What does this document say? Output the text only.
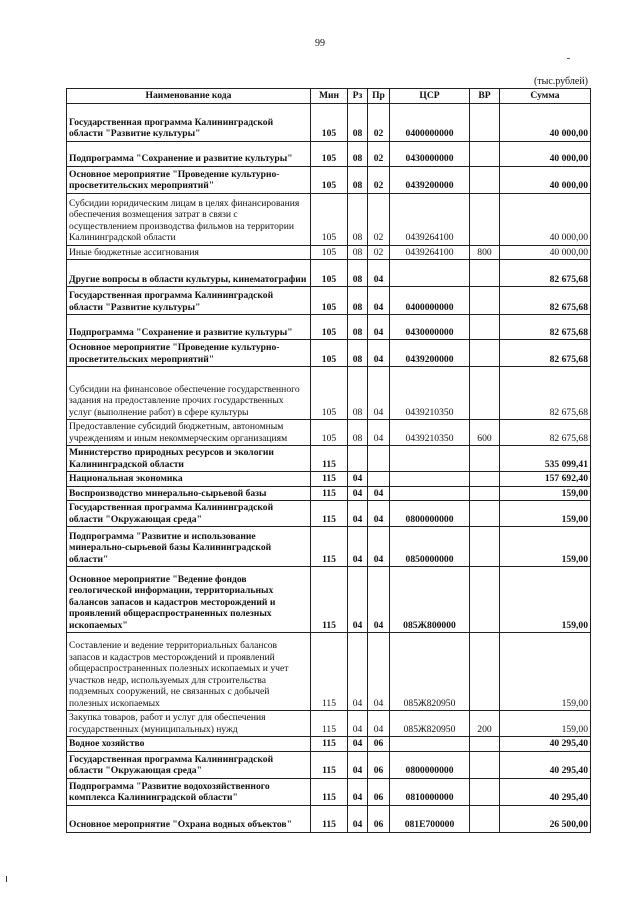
99
(тыс.рублей)
Наименование кода	Мин	Рз	Пр	ЦСР	ВР	Сумма
Государственная программа Калининградской области "Развитие культуры"	105	08	02	0400000000		40 000,00
Подпрограмма "Сохранение и развитие культуры"	105	08	02	0430000000		40 000,00
Основное мероприятие "Проведение культурно-просветительских мероприятий"	105	08	02	0439200000		40 000,00
Субсидии юридическим лицам в целях финансирования обеспечения возмещения затрат в связи с осуществлением производства фильмов на территории Калининградской области	105	08	02	0439264100		40 000,00
Иные бюджетные ассигнования	105	08	02	0439264100	800	40 000,00
Другие вопросы в области культуры, кинематографии	105	08	04			82 675,68
Государственная программа Калининградской области "Развитие культуры"	105	08	04	0400000000		82 675,68
Подпрограмма "Сохранение и развитие культуры"	105	08	04	0430000000		82 675,68
Основное мероприятие "Проведение культурно-просветительских мероприятий"	105	08	04	0439200000		82 675,68
Субсидии на финансовое обеспечение государственного задания на предоставление прочих государственных услуг (выполнение работ) в сфере культуры	105	08	04	0439210350		82 675,68
Предоставление субсидий бюджетным, автономным учреждениям и иным некоммерческим организациям	105	08	04	0439210350	600	82 675,68
Министерство природных ресурсов и экологии Калининградской области	115					535 099,41
Национальная экономика	115	04				157 692,40
Воспроизводство минерально-сырьевой базы	115	04	04			159,00
Государственная программа Калининградской области "Окружающая среда"	115	04	04	0800000000		159,00
Подпрограмма "Развитие и использование минерально-сырьевой базы Калининградской области"	115	04	04	0850000000		159,00
Основное мероприятие "Ведение фондов геологической информации, территориальных балансов запасов и кадастров месторождений и проявлений общераспространенных полезных ископаемых"	115	04	04	085Ж800000		159,00
Составление и ведение территориальных балансов запасов и кадастров месторождений и проявлений общераспространенных полезных ископаемых и учет участков недр, используемых для строительства подземных сооружений, не связанных с добычей полезных ископаемых	115	04	04	085Ж820950		159,00
Закупка товаров, работ и услуг для обеспечения государственных (муниципальных) нужд	115	04	04	085Ж820950	200	159,00
Водное хозяйство	115	04	06			40 295,40
Государственная программа Калининградской области "Окружающая среда"	115	04	06	0800000000		40 295,40
Подпрограмма "Развитие водохозяйственного комплекса Калининградской области"	115	04	06	0810000000		40 295,40
Основное мероприятие "Охрана водных объектов"	115	04	06	081E700000		26 500,00
